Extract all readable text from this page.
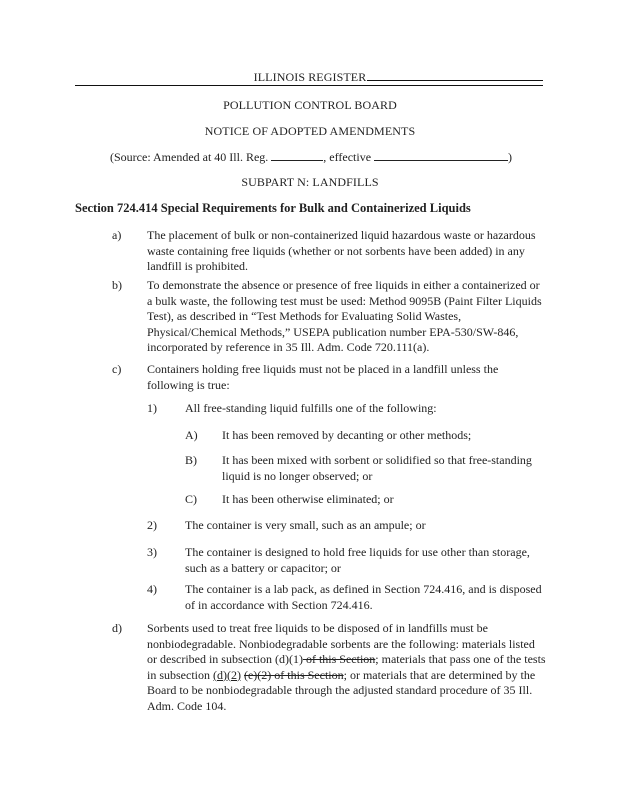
ILLINOIS REGISTER
POLLUTION CONTROL BOARD
NOTICE OF ADOPTED AMENDMENTS
(Source: Amended at 40 Ill. Reg.	, effective	)
SUBPART N: LANDFILLS
Section 724.414 Special Requirements for Bulk and Containerized Liquids
a) The placement of bulk or non-containerized liquid hazardous waste or hazardous waste containing free liquids (whether or not sorbents have been added) in any landfill is prohibited.
b) To demonstrate the absence or presence of free liquids in either a containerized or a bulk waste, the following test must be used: Method 9095B (Paint Filter Liquids Test), as described in “Test Methods for Evaluating Solid Wastes, Physical/Chemical Methods,” USEPA publication number EPA-530/SW-846, incorporated by reference in 35 Ill. Adm. Code 720.111(a).
c) Containers holding free liquids must not be placed in a landfill unless the following is true:
1) All free-standing liquid fulfills one of the following:
A) It has been removed by decanting or other methods;
B) It has been mixed with sorbent or solidified so that free-standing liquid is no longer observed; or
C) It has been otherwise eliminated; or
2) The container is very small, such as an ampule; or
3) The container is designed to hold free liquids for use other than storage, such as a battery or capacitor; or
4) The container is a lab pack, as defined in Section 724.416, and is disposed of in accordance with Section 724.416.
d) Sorbents used to treat free liquids to be disposed of in landfills must be nonbiodegradable. Nonbiodegradable sorbents are the following: materials listed or described in subsection (d)(1) of this Section; materials that pass one of the tests in subsection (d)(2) (e)(2) of this Section; or materials that are determined by the Board to be nonbiodegradable through the adjusted standard procedure of 35 Ill. Adm. Code 104.
